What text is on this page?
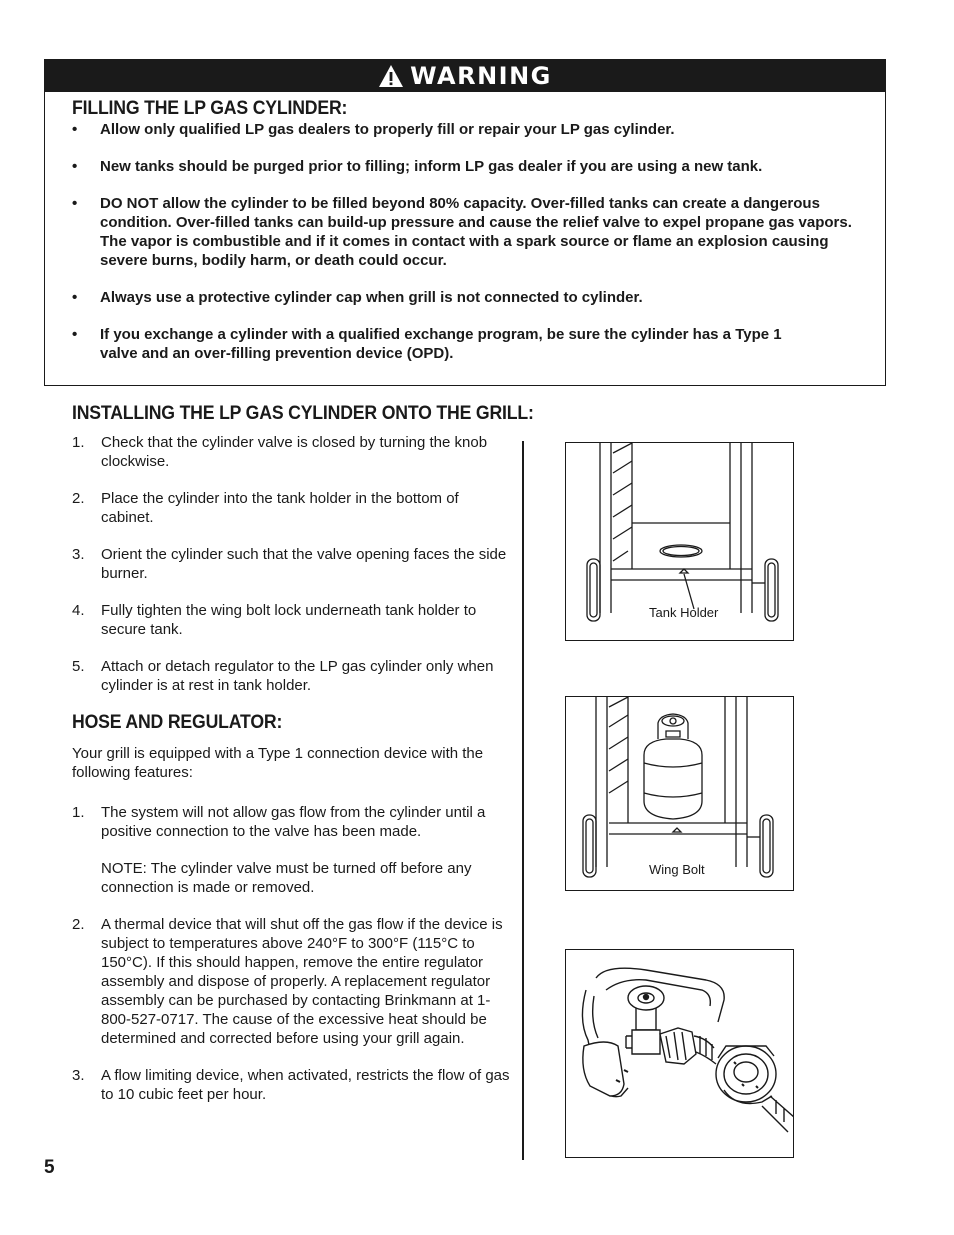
WARNING
FILLING THE LP GAS CYLINDER:
• Allow only qualified LP gas dealers to properly fill or repair your LP gas cylinder.
• New tanks should be purged prior to filling; inform LP gas dealer if you are using a new tank.
• DO NOT allow the cylinder to be filled beyond 80% capacity. Over-filled tanks can create a dangerous condition. Over-filled tanks can build-up pressure and cause the relief valve to expel propane gas vapors. The vapor is combustible and if it comes in contact with a spark source or flame an explosion causing severe burns, bodily harm, or death could occur.
• Always use a protective cylinder cap when grill is not connected to cylinder.
• If you exchange a cylinder with a qualified exchange program, be sure the cylinder has a Type 1 valve and an over-filling prevention device (OPD).
INSTALLING THE LP GAS CYLINDER ONTO THE GRILL:
1. Check that the cylinder valve is closed by turning the knob clockwise.
2. Place the cylinder into the tank holder in the bottom of cabinet.
3. Orient the cylinder such that the valve opening faces the side burner.
4. Fully tighten the wing bolt lock underneath tank holder to secure tank.
5. Attach or detach regulator to the LP gas cylinder only when cylinder is at rest in tank holder.
HOSE AND REGULATOR:
Your grill is equipped with a Type 1 connection device with the following features:
1. The system will not allow gas flow from the cylinder until a positive connection to the valve has been made.
NOTE: The cylinder valve must be turned off before any connection is made or removed.
2. A thermal device that will shut off the gas flow if the device is subject to temperatures above 240°F to 300°F (115°C to 150°C). If this should happen, remove the entire regulator assembly and dispose of properly. A replacement regulator assembly can be purchased by contacting Brinkmann at 1-800-527-0717. The cause of the excessive heat should be determined and corrected before using your grill again.
3. A flow limiting device, when activated, restricts the flow of gas to 10 cubic feet per hour.
Tank Holder
Wing Bolt
5
